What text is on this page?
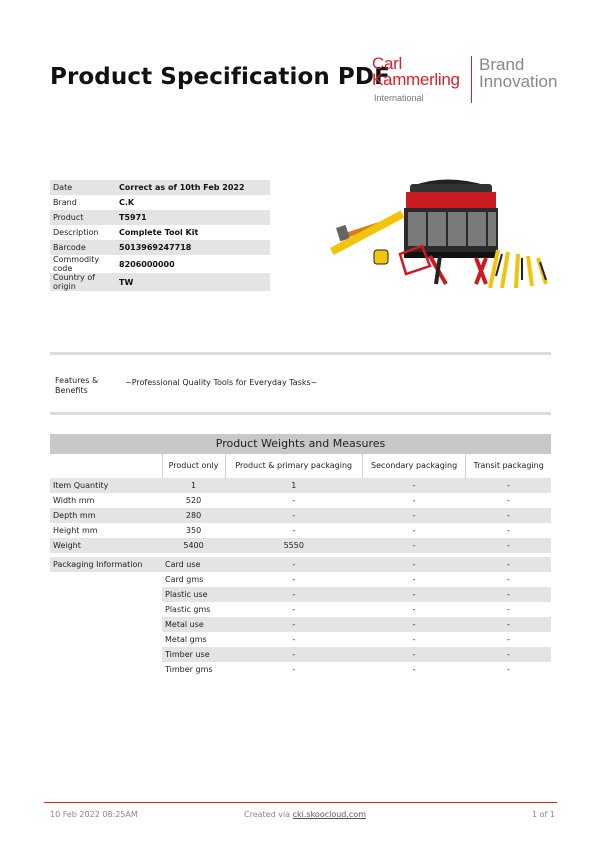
Product Specification PDF
Carl
Kammerling
International
Brand
Innovation
Date	Correct as of 10th Feb 2022
Brand	C.K
Product	T5971
Description	Complete Tool Kit
Barcode	5013969247718
Commodity code	8206000000
Country of origin	TW
Features & Benefits
~Professional Quality Tools for Everyday Tasks~
Product Weights and Measures
	Product only	Product & primary packaging	Secondary packaging	Transit packaging
Item Quantity	1	1	-	-
Width mm	520	-	-	-
Depth mm	280	-	-	-
Height mm	350	-	-	-
Weight	5400	5550	-	-

Packaging Information	Card use	-	-	-
	Card gms	-	-	-
	Plastic use	-	-	-
	Plastic gms	-	-	-
	Metal use	-	-	-
	Metal gms	-	-	-
	Timber use	-	-	-
	Timber gms	-	-	-
10 Feb 2022 08:25AM	Created via cki.skoocloud.com	1 of 1
